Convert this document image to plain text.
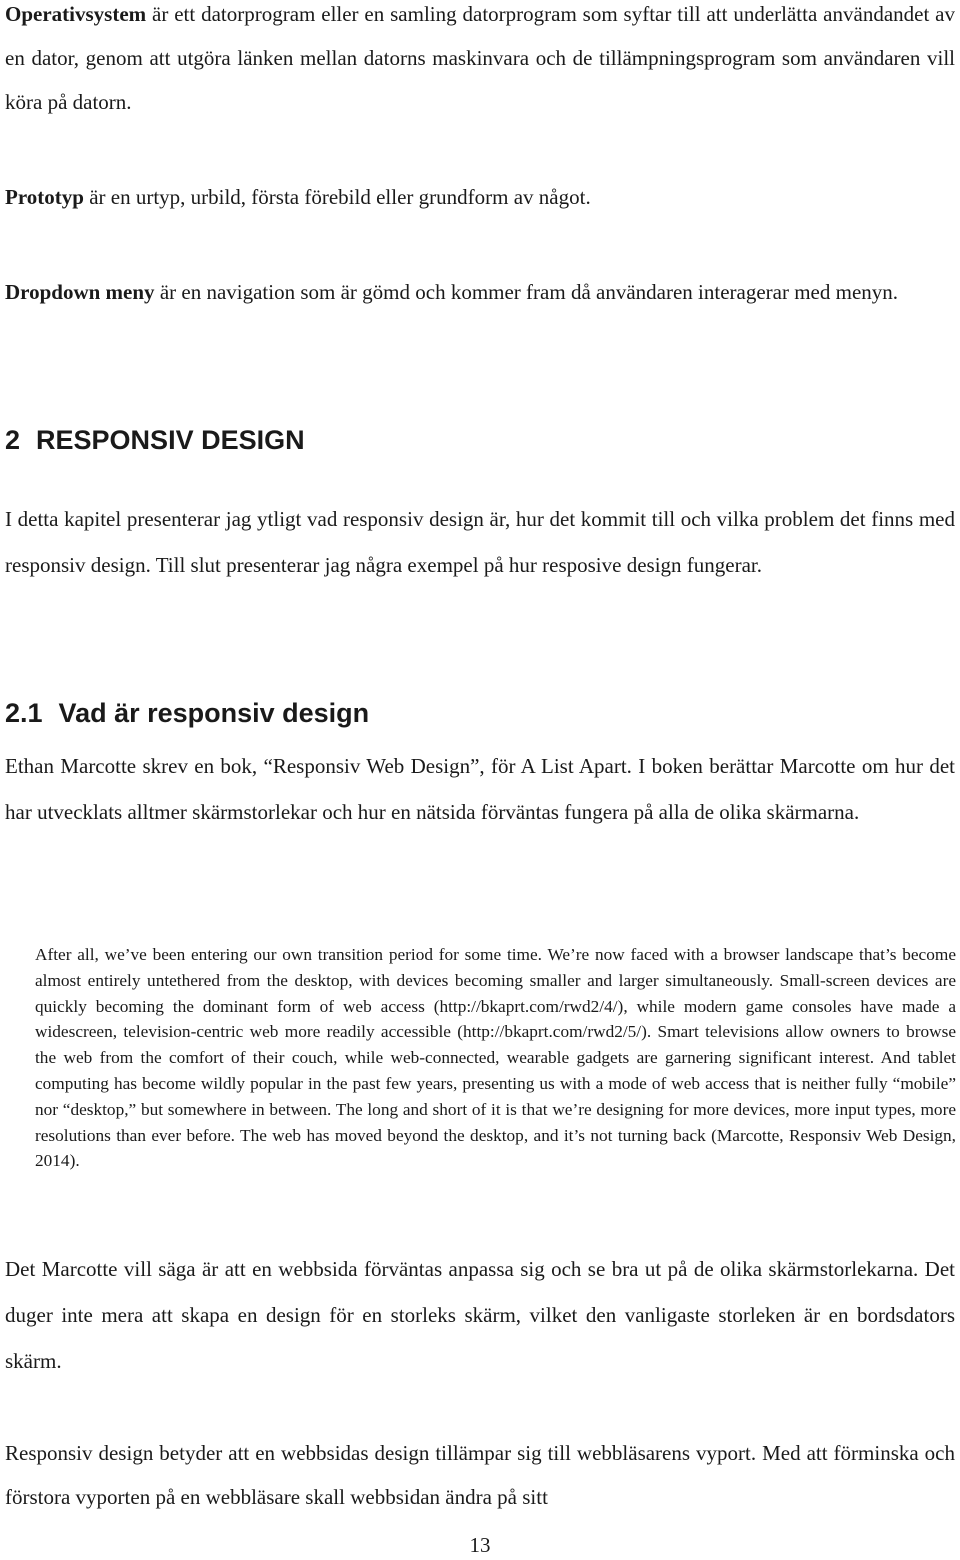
Operativsystem är ett datorprogram eller en samling datorprogram som syftar till att underlätta användandet av en dator, genom att utgöra länken mellan datorns maskinvara och de tillämpningsprogram som användaren vill köra på datorn.

Prototyp är en urtyp, urbild, första förebild eller grundform av något.

Dropdown meny är en navigation som är gömd och kommer fram då användaren interagerar med menyn.

2 RESPONSIV DESIGN

I detta kapitel presenterar jag ytligt vad responsiv design är, hur det kommit till och vilka problem det finns med responsiv design. Till slut presenterar jag några exempel på hur resposive design fungerar.

2.1 Vad är responsiv design

Ethan Marcotte skrev en bok, “Responsiv Web Design”, för A List Apart. I boken berättar Marcotte om hur det har utvecklats alltmer skärmstorlekar och hur en nätsida förväntas fungera på alla de olika skärmarna.

After all, we’ve been entering our own transition period for some time. We’re now faced with a browser landscape that’s become almost entirely untethered from the desktop, with devices becoming smaller and larger simultaneously. Small-screen devices are quickly becoming the dominant form of web access (http://bkaprt.com/rwd2/4/), while modern game consoles have made a widescreen, television-centric web more readily accessible (http://bkaprt.com/rwd2/5/). Smart televisions allow owners to browse the web from the comfort of their couch, while web-connected, wearable gadgets are garnering significant interest. And tablet computing has become wildly popular in the past few years, presenting us with a mode of web access that is neither fully “mobile” nor “desktop,” but somewhere in between. The long and short of it is that we’re designing for more devices, more input types, more resolutions than ever before. The web has moved beyond the desktop, and it’s not turning back (Marcotte, Responsiv Web Design, 2014).

Det Marcotte vill säga är att en webbsida förväntas anpassa sig och se bra ut på de olika skärmstorlekarna. Det duger inte mera att skapa en design för en storleks skärm, vilket den vanligaste storleken är en bordsdators skärm.

Responsiv design betyder att en webbsidas design tillämpar sig till webbläsarens vyport. Med att förminska och förstora vyporten på en webbläsare skall webbsidan ändra på sitt

13
